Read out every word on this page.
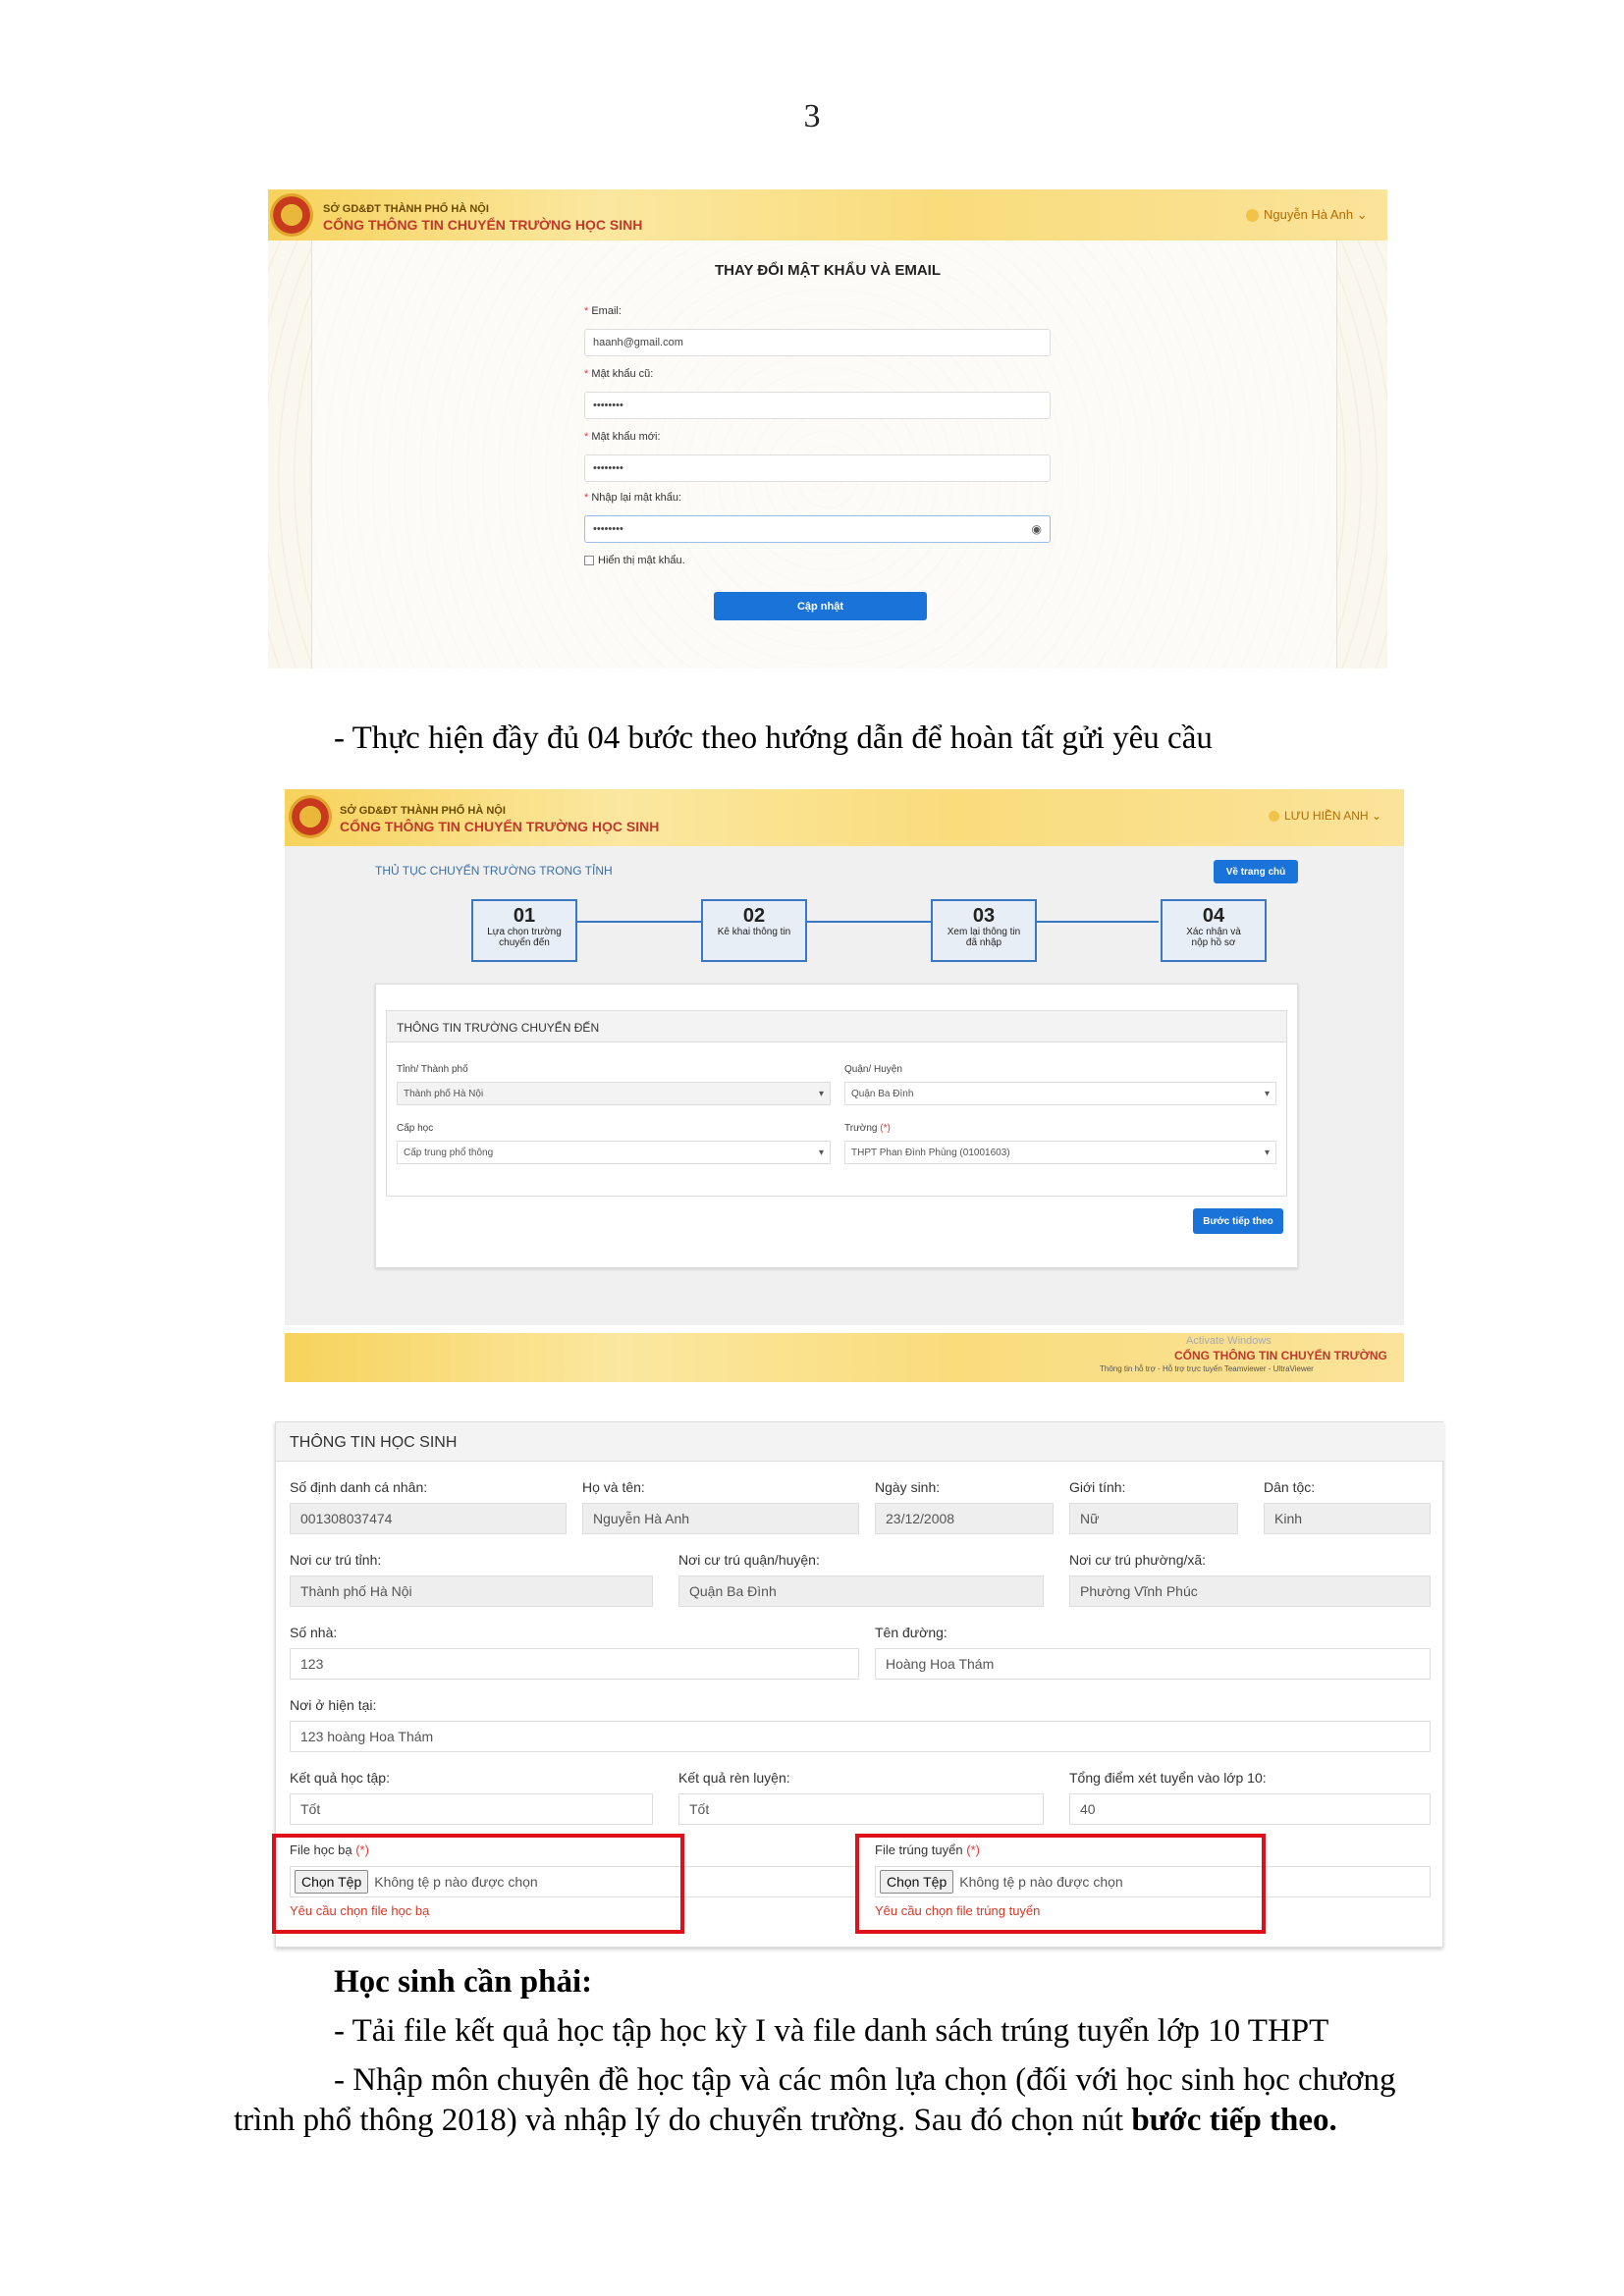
3
SỞ GD&ĐT THÀNH PHỐ HÀ NỘI
CỔNG THÔNG TIN CHUYỂN TRƯỜNG HỌC SINH
Nguyễn Hà Anh ⌄
THAY ĐỔI MẬT KHẨU VÀ EMAIL
* Email:
haanh@gmail.com
* Mật khẩu cũ:
••••••••
* Mật khẩu mới:
••••••••
* Nhập lại mật khẩu:
••••••••	◉
Hiển thị mật khẩu.
Cập nhật
- Thực hiện đầy đủ 04 bước theo hướng dẫn để hoàn tất gửi yêu cầu
SỞ GD&ĐT THÀNH PHỐ HÀ NỘI
CỔNG THÔNG TIN CHUYỂN TRƯỜNG HỌC SINH
LƯU HIỀN ANH ⌄
THỦ TỤC CHUYỂN TRƯỜNG TRONG TỈNH	Về trang chủ
01
Lựa chọn trường
chuyển đến
02
Kê khai thông tin
03
Xem lại thông tin
đã nhập
04
Xác nhận và
nộp hồ sơ
THÔNG TIN TRƯỜNG CHUYỂN ĐẾN
Tỉnh/ Thành phố
Thành phố Hà Nội	▾
Quận/ Huyện
Quận Ba Đình	▾
Cấp học
Cấp trung phổ thông	▾
Trường (*)
THPT Phan Đình Phùng (01001603)	▾
Bước tiếp theo
Activate Windows
CỔNG THÔNG TIN CHUYỂN TRƯỜNG
Thông tin hỗ trợ - Hỗ trợ trực tuyến Teamviewer - UltraViewer
THÔNG TIN HỌC SINH
Số định danh cá nhân:
001308037474
Họ và tên:
Nguyễn Hà Anh
Ngày sinh:
23/12/2008
Giới tính:
Nữ
Dân tộc:
Kinh
Nơi cư trú tỉnh:
Thành phố Hà Nội
Nơi cư trú quận/huyện:
Quận Ba Đình
Nơi cư trú phường/xã:
Phường Vĩnh Phúc
Số nhà:
123
Tên đường:
Hoàng Hoa Thám
Nơi ở hiện tại:
123 hoàng Hoa Thám
Kết quả học tập:
Tốt
Kết quả rèn luyện:
Tốt
Tổng điểm xét tuyển vào lớp 10:
40
File học bạ (*)
Chọn Tệp Không tệ p nào được chọn
Yêu cầu chọn file học bạ
File trúng tuyển (*)
Chọn Tệp Không tệ p nào được chọn
Yêu cầu chọn file trúng tuyển
Học sinh cần phải:
- Tải file kết quả học tập học kỳ I và file danh sách trúng tuyển lớp 10 THPT
- Nhập môn chuyên đề học tập và các môn lựa chọn (đối với học sinh học chương
trình phổ thông 2018) và nhập lý do chuyển trường. Sau đó chọn nút bước tiếp theo.
